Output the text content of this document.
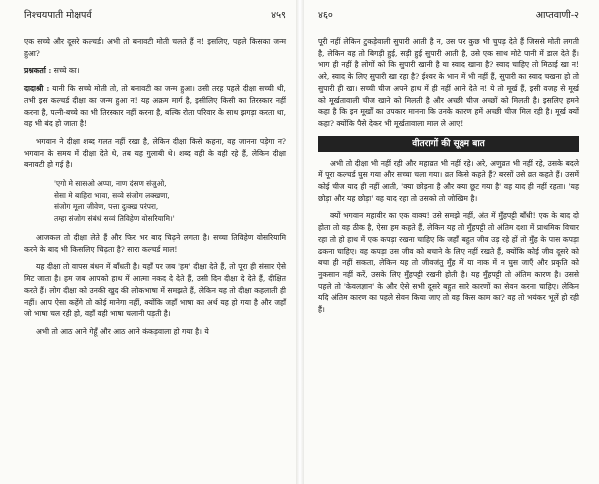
निश्चयपाती मोक्षपर्व	४५९

एक सच्चे और दूसरे कल्चर्ड। अभी तो बनावटी मोती चलते हैं न! इसलिए, पहले किसका जन्म हुआ?

प्रश्नकर्ता : सच्चे का।

दादाश्री : यानी कि सच्चे मोती तो, तो बनावटी का जन्म हुआ। उसी तरह पहले दीक्षा सच्ची थी, तभी इस कल्चर्ड दीक्षा का जन्म हुआ न! यह अक्रम मार्ग है, इसीलिए किसी का तिरस्कार नहीं करना है, पत्नी-बच्चे का भी तिरस्कार नहीं करना है, बल्कि रोता परिवार के साथ झगड़ा करता था, वह भी बंद हो जाता है!

भगवान ने दीक्षा शब्द गलत नहीं रखा है, लेकिन दीक्षा किसे कहना, वह जानना पड़ेगा न? भगवान के समय में दीक्षा देते थे, तब यह गुलाबी थे। शब्द वही के वही रहे हैं, लेकिन दीक्षा बनावटी हो गई है।

'एगो मे सासओ अप्पा, नाण दंसण संजुओ,
सेसा मे बाहिरा भावा, सव्वे संजोग लक्खणा,
संजोग मूला जीवेण, पत्ता दुःक्ख परंपरा,
तम्हा संजोग संबंधं सव्वं तिविहेण वोसरियामि।'

आजकल तो दीक्षा लेते हैं और फिर भर बाद चिढ़ने लगता है। सच्चा तिविहेण वोसरियामि करने के बाद भी किसलिए चिढ़ता है? सारा कल्चर्ड माल!

यह दीक्षा तो वापस बंधन में बाँधती है। यहाँ पर जब 'हम' दीक्षा देते हैं, तो पूरा ही संसार ऐसे मिट जाता है। हम जब आपको हाथ में आत्मा नकद दे देते हैं, उसी दिन दीक्षा दे देते हैं, दीक्षित करते हैं। लोग दीक्षा को उनकी खुद की लोकभाषा में समझते हैं, लेकिन यह तो दीक्षा कहलाती ही नहीं। आप ऐसा कहेंगे तो कोई मानेगा नहीं, क्योंकि जहाँ भाषा का अर्थ यह हो गया है और जहाँ जो भाषा चल रही हो, वहाँ वही भाषा चलानी पड़ती है।

अभी तो आठ आने गेहूँ और आठ आने कंकड़वाला हो गया है। ये

४६०	आप्तवाणी-२

पूरी नहीं लेकिन टुकड़ेवाली सुपारी आती है न, उस पर कुछ भी चुपड़ देते हैं जिससे मोती लगती है, लेकिन वह तो बिगड़ी हुई, सड़ी हुई सुपारी आती है, उसे एक साथ मोटे पानी में डाल देते हैं। भाग ही नहीं है लोगों को कि सुपारी खानी है या स्वाद खाना है? स्वाद चाहिए तो मिठाई खा न! अरे, स्वाद के लिए सुपारी खा रहा है? ईश्वर के भान में भी नहीं हैं, सुपारी का स्वाद चखना हो तो सुपारी ही खा। सच्ची चीज अपने हाथ में ही नहीं आने देते न! ये तो मूर्ख हैं, इसी वजह से मूर्ख को मूर्खतावाली चीज खाने को मिलती है और अच्छी चीज अच्छों को मिलती है। इसलिए हमने कहा है कि इन मूर्खों का उपकार मानना कि उनके कारण हमें अच्छी चीज मिल रही है। मूर्ख क्यों कहा? क्योंकि पैसे देकर भी मूर्खतावाला माल ले आए!

वीतरागों की सूक्ष्म बात

अभी तो दीक्षा भी नहीं रही और महाव्रत भी नहीं रहे। अरे, अणुव्रत भी नहीं रहे, उसके बदले में पूरा कल्चर्ड घुस गया और सच्चा चला गया। व्रत किसे कहते हैं? बरसों उसे व्रत कहते हैं। उसमें कोई चीज याद ही नहीं आती, 'क्या छोड़ना है और क्या छूट गया है' वह याद ही नहीं रहता। 'यह छोड़ा और यह छोड़ा' वह याद रहा तो उसको तो जोखिम है।

क्यों भगवान महावीर का एक वाक्य! उसे समझे नहीं, अंत में मुँहपट्टी बाँधी! एक के बाद दो होता तो वह ठीक है, ऐसा हम कहते हैं, लेकिन यह तो मुँहपट्टी तो अंतिम दशा में प्राथमिक विचार रहा तो हो हाथ में एक कपड़ा रखना चाहिए कि जहाँ बहुत जीव उड़ रहे हों तो मुँह के पास कपड़ा ढकना चाहिए। वह कपड़ा उस जीव को बचाने के लिए नहीं रखते हैं, क्योंकि कोई जीव दूसरे को बचा ही नहीं सकता, लेकिन यह तो जीवजंतु मुँह में या नाक में न घुस जाएँ और प्रकृति को नुकसान नहीं करें, उसके लिए मुँहपट्टी रखनी होती है। यह मुँहपट्टी तो अंतिम कारण है। उससे पहले तो 'केवलज्ञान' के और ऐसे सभी दूसरे बहुत सारे कारणों का सेवन करना चाहिए। लेकिन यदि अंतिम कारण का पहले सेवन किया जाए तो वह किस काम का? वह तो भयंकर भूलें हो रही हैं।
